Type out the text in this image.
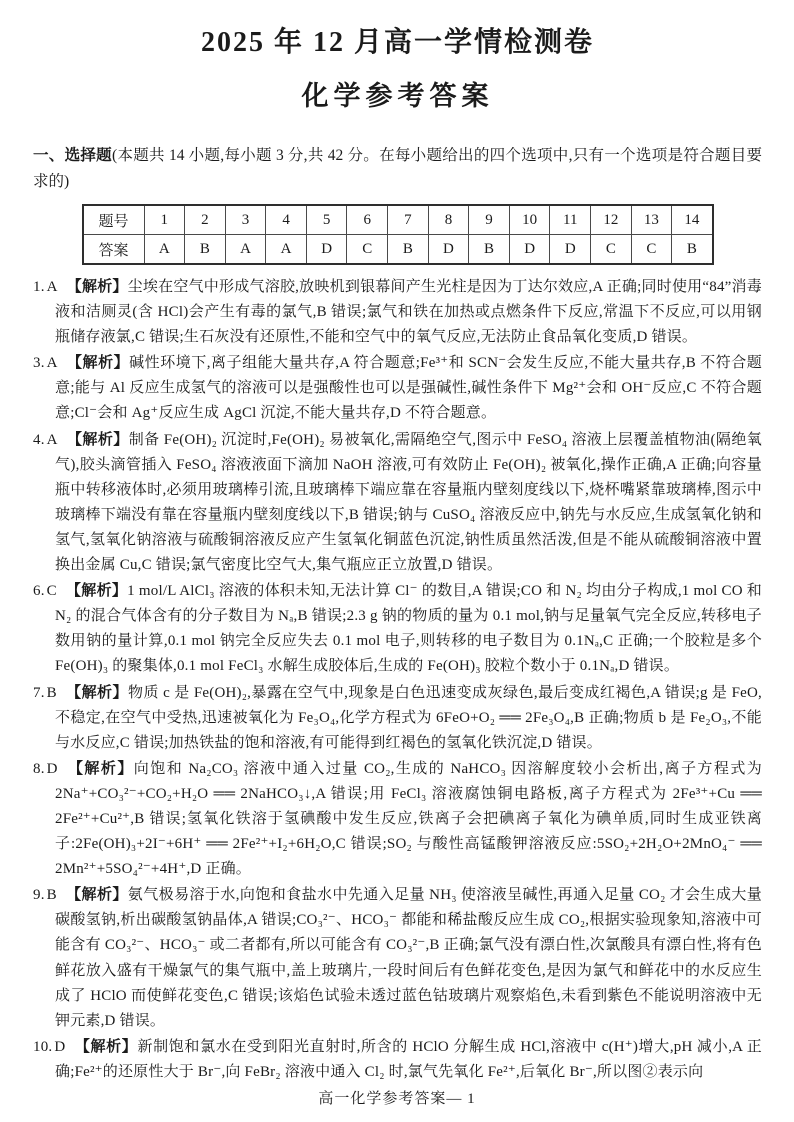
2025 年 12 月高一学情检测卷
化学参考答案
一、选择题(本题共 14 小题,每小题 3 分,共 42 分。在每小题给出的四个选项中,只有一个选项是符合题目要求的)
题号	1	2	3	4	5	6	7	8	9	10	11	12	13	14
答案	A	B	A	A	D	C	B	D	B	D	D	C	C	B

1. A 【解析】尘埃在空气中形成气溶胶,放映机到银幕间产生光柱是因为丁达尔效应,A 正确;同时使用“84”消毒液和洁厕灵(含 HCl)会产生有毒的氯气,B 错误;氯气和铁在加热或点燃条件下反应,常温下不反应,可以用钢瓶储存液氯,C 错误;生石灰没有还原性,不能和空气中的氧气反应,无法防止食品氧化变质,D 错误。

3. A 【解析】碱性环境下,离子组能大量共存,A 符合题意;Fe³⁺和 SCN⁻会发生反应,不能大量共存,B 不符合题意;能与 Al 反应生成氢气的溶液可以是强酸性也可以是强碱性,碱性条件下 Mg²⁺会和 OH⁻反应,C 不符合题意;Cl⁻会和 Ag⁺反应生成 AgCl 沉淀,不能大量共存,D 不符合题意。

4. A 【解析】制备 Fe(OH)₂ 沉淀时,Fe(OH)₂ 易被氧化,需隔绝空气,图示中 FeSO₄ 溶液上层覆盖植物油(隔绝氧气),胶头滴管插入 FeSO₄ 溶液液面下滴加 NaOH 溶液,可有效防止 Fe(OH)₂ 被氧化,操作正确,A 正确;向容量瓶中转移液体时,必须用玻璃棒引流,且玻璃棒下端应靠在容量瓶内壁刻度线以下,烧杯嘴紧靠玻璃棒,图示中玻璃棒下端没有靠在容量瓶内壁刻度线以下,B 错误;钠与 CuSO₄ 溶液反应中,钠先与水反应,生成氢氧化钠和氢气,氢氧化钠溶液与硫酸铜溶液反应产生氢氧化铜蓝色沉淀,钠性质虽然活泼,但是不能从硫酸铜溶液中置换出金属 Cu,C 错误;氯气密度比空气大,集气瓶应正立放置,D 错误。

6. C 【解析】1 mol/L AlCl₃ 溶液的体积未知,无法计算 Cl⁻ 的数目,A 错误;CO 和 N₂ 均由分子构成,1 mol CO 和 N₂ 的混合气体含有的分子数目为 Nₐ,B 错误;2.3 g 钠的物质的量为 0.1 mol,钠与足量氧气完全反应,转移电子数用钠的量计算,0.1 mol 钠完全反应失去 0.1 mol 电子,则转移的电子数目为 0.1Nₐ,C 正确;一个胶粒是多个 Fe(OH)₃ 的聚集体,0.1 mol FeCl₃ 水解生成胶体后,生成的 Fe(OH)₃ 胶粒个数小于 0.1Nₐ,D 错误。

7. B 【解析】物质 c 是 Fe(OH)₂,暴露在空气中,现象是白色迅速变成灰绿色,最后变成红褐色,A 错误;g 是 FeO,不稳定,在空气中受热,迅速被氧化为 Fe₃O₄,化学方程式为 6FeO+O₂ ══ 2Fe₃O₄,B 正确;物质 b 是 Fe₂O₃,不能与水反应,C 错误;加热铁盐的饱和溶液,有可能得到红褐色的氢氧化铁沉淀,D 错误。

8. D 【解析】向饱和 Na₂CO₃ 溶液中通入过量 CO₂,生成的 NaHCO₃ 因溶解度较小会析出,离子方程式为 2Na⁺+CO₃²⁻+CO₂+H₂O ══ 2NaHCO₃↓,A 错误;用 FeCl₃ 溶液腐蚀铜电路板,离子方程式为 2Fe³⁺+Cu ══ 2Fe²⁺+Cu²⁺,B 错误;氢氧化铁溶于氢碘酸中发生反应,铁离子会把碘离子氧化为碘单质,同时生成亚铁离子:2Fe(OH)₃+2I⁻+6H⁺ ══ 2Fe²⁺+I₂+6H₂O,C 错误;SO₂ 与酸性高锰酸钾溶液反应:5SO₂+2H₂O+2MnO₄⁻ ══ 2Mn²⁺+5SO₄²⁻+4H⁺,D 正确。

9. B 【解析】氨气极易溶于水,向饱和食盐水中先通入足量 NH₃ 使溶液呈碱性,再通入足量 CO₂ 才会生成大量碳酸氢钠,析出碳酸氢钠晶体,A 错误;CO₃²⁻、HCO₃⁻ 都能和稀盐酸反应生成 CO₂,根据实验现象知,溶液中可能含有 CO₃²⁻、HCO₃⁻ 或二者都有,所以可能含有 CO₃²⁻,B 正确;氯气没有漂白性,次氯酸具有漂白性,将有色鲜花放入盛有干燥氯气的集气瓶中,盖上玻璃片,一段时间后有色鲜花变色,是因为氯气和鲜花中的水反应生成了 HClO 而使鲜花变色,C 错误;该焰色试验未透过蓝色钴玻璃片观察焰色,未看到紫色不能说明溶液中无钾元素,D 错误。

10. D 【解析】新制饱和氯水在受到阳光直射时,所含的 HClO 分解生成 HCl,溶液中 c(H⁺)增大,pH 减小,A 正确;Fe²⁺的还原性大于 Br⁻,向 FeBr₂ 溶液中通入 Cl₂ 时,氯气先氧化 Fe²⁺,后氧化 Br⁻,所以图②表示向

高一化学参考答案— 1
